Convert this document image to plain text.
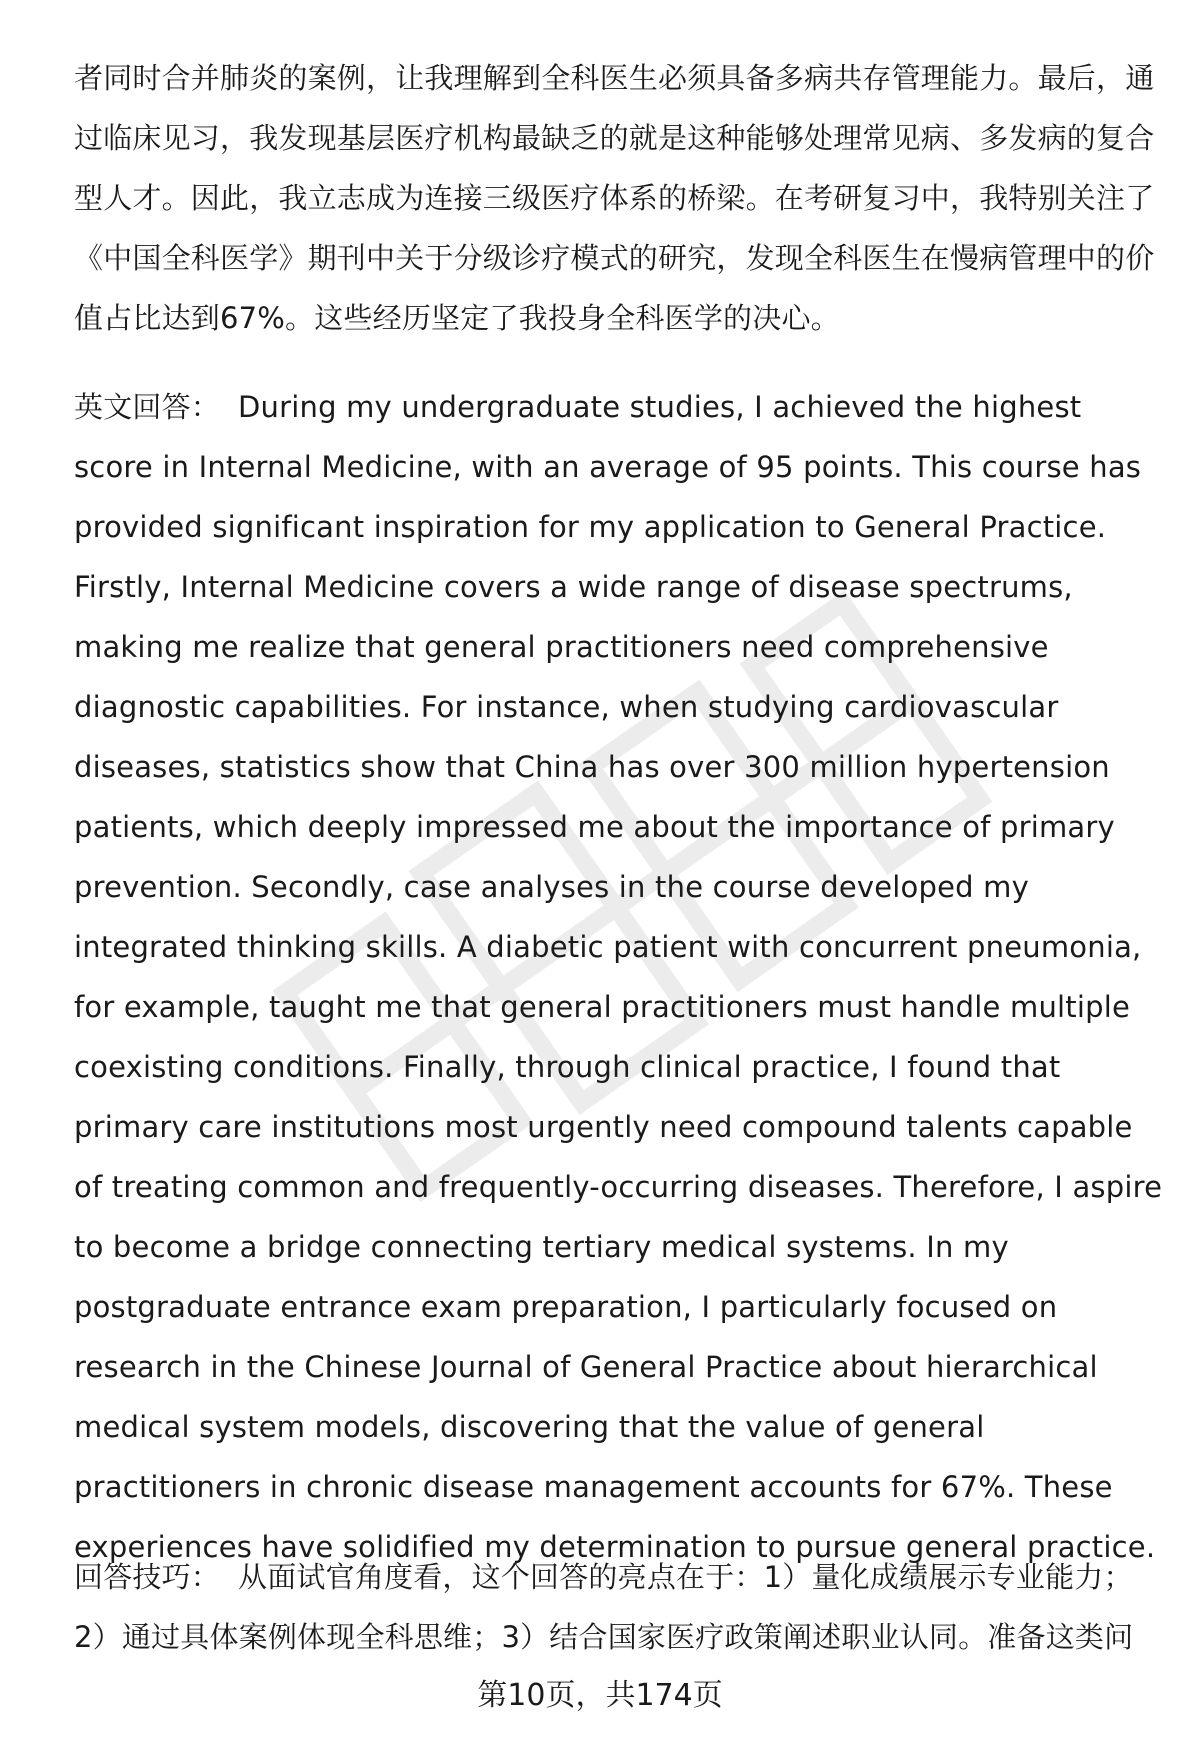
者同时合并肺炎的案例，让我理解到全科医生必须具备多病共存管理能力。最后，通过临床见习，我发现基层医疗机构最缺乏的就是这种能够处理常见病、多发病的复合型人才。因此，我立志成为连接三级医疗体系的桥梁。在考研复习中，我特别关注了《中国全科医学》期刊中关于分级诊疗模式的研究，发现全科医生在慢病管理中的价值占比达到67%。这些经历坚定了我投身全科医学的决心。

英文回答： During my undergraduate studies, I achieved the highest score in Internal Medicine, with an average of 95 points. This course has provided significant inspiration for my application to General Practice. Firstly, Internal Medicine covers a wide range of disease spectrums, making me realize that general practitioners need comprehensive diagnostic capabilities. For instance, when studying cardiovascular diseases, statistics show that China has over 300 million hypertension patients, which deeply impressed me about the importance of primary prevention. Secondly, case analyses in the course developed my integrated thinking skills. A diabetic patient with concurrent pneumonia, for example, taught me that general practitioners must handle multiple coexisting conditions. Finally, through clinical practice, I found that primary care institutions most urgently need compound talents capable of treating common and frequently-occurring diseases. Therefore, I aspire to become a bridge connecting tertiary medical systems. In my postgraduate entrance exam preparation, I particularly focused on research in the Chinese Journal of General Practice about hierarchical medical system models, discovering that the value of general practitioners in chronic disease management accounts for 67%. These experiences have solidified my determination to pursue general practice.

回答技巧： 从面试官角度看，这个回答的亮点在于：1）量化成绩展示专业能力；2）通过具体案例体现全科思维；3）结合国家医疗政策阐述职业认同。准备这类问

第10页，共174页
